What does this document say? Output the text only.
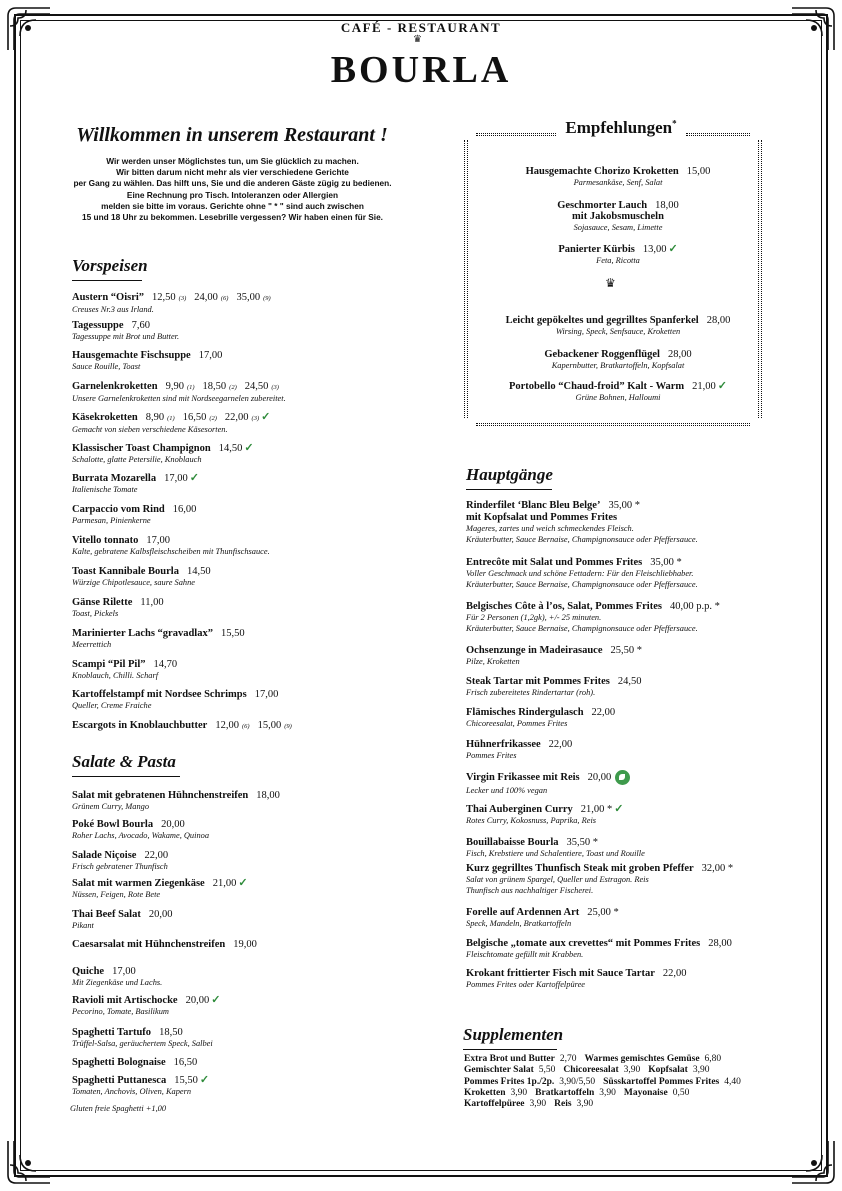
CAFÉ - RESTAURANT
♛
BOURLA
Willkommen in unserem Restaurant !
Wir werden unser Möglichstes tun, um Sie glücklich zu machen.
Wir bitten darum nicht mehr als vier verschiedene Gerichte
per Gang zu wählen. Das hilft uns, Sie und die anderen Gäste zügig zu bedienen.
Eine Rechnung pro Tisch. Intoleranzen oder Allergien
melden sie bitte im voraus. Gerichte ohne " * " sind auch zwischen
15 und 18 Uhr zu bekommen. Lesebrille vergessen? Wir haben einen für Sie.
Vorspeisen
Salate & Pasta
Hauptgänge
Supplementen
Empfehlungen*
♛
Austern “Oisri” 12,50 (3) 24,00 (6) 35,00 (9)
Creuses Nr.3 aus Irland.
Tagessuppe 7,60
Tagessuppe mit Brot und Butter.
Hausgemachte Fischsuppe 17,00
Sauce Rouille, Toast
Garnelenkroketten 9,90 (1) 18,50 (2) 24,50 (3)
Unsere Garnelenkroketten sind mit Nordseegarnelen zubereitet.
Käsekroketten 8,90 (1) 16,50 (2) 22,00 (3) ✓
Gemacht von sieben verschiedene Käsesorten.
Klassischer Toast Champignon 14,50 ✓
Schalotte, glatte Petersilie, Knoblauch
Burrata Mozarella 17,00 ✓
Italienische Tomate
Carpaccio vom Rind 16,00
Parmesan, Pinienkerne
Vitello tonnato 17,00
Kalte, gebratene Kalbsfleischscheiben mit Thunfischsauce.
Toast Kannibale Bourla 14,50
Würzige Chipotlesauce, saure Sahne
Gänse Rilette 11,00
Toast, Pickels
Marinierter Lachs “gravadlax” 15,50
Meerrettich
Scampi “Pil Pil” 14,70
Knoblauch, Chilli. Scharf
Kartoffelstampf mit Nordsee Schrimps 17,00
Queller, Creme Fraiche
Escargots in Knoblauchbutter 12,00 (6) 15,00 (9)
Salat mit gebratenen Hühnchenstreifen 18,00
Grünem Curry, Mango
Poké Bowl Bourla 20,00
Roher Lachs, Avocado, Wakame, Quinoa
Salade Niçoise 22,00
Frisch gebratener Thunfisch
Salat mit warmen Ziegenkäse 21,00 ✓
Nüssen, Feigen, Rote Bete
Thai Beef Salat 20,00
Pikant
Caesarsalat mit Hühnchenstreifen 19,00
Quiche 17,00
Mit Ziegenkäse und Lachs.
Ravioli mit Artischocke 20,00 ✓
Pecorino, Tomate, Basilikum
Spaghetti Tartufo 18,50
Trüffel-Salsa, geräuchertem Speck, Salbei
Spaghetti Bolognaise 16,50
Spaghetti Puttanesca 15,50 ✓
Tomaten, Anchovis, Oliven, Kapern
Hausgemachte Chorizo Kroketten 15,00
Parmesankäse, Senf, Salat
Geschmorter Lauch 18,00
mit Jakobsmuscheln
Sojasauce, Sesam, Limette
Panierter Kürbis 13,00 ✓
Feta, Ricotta
Leicht gepökeltes und gegrilltes Spanferkel 28,00
Wirsing, Speck, Senfsauce, Kroketten
Gebackener Roggenflügel 28,00
Kapernbutter, Bratkartoffeln, Kopfsalat
Portobello “Chaud-froid” Kalt - Warm 21,00 ✓
Grüne Bohnen, Halloumi
Rinderfilet ‘Blanc Bleu Belge’ 35,00 *
mit Kopfsalat und Pommes Frites
Mageres, zartes und weich schmeckendes Fleisch.
Kräuterbutter, Sauce Bernaise, Champignonsauce oder Pfeffersauce.
Entrecôte mit Salat und Pommes Frites 35,00 *
Voller Geschmack und schöne Fettadern: Für den Fleischliebhaber.
Kräuterbutter, Sauce Bernaise, Champignonsauce oder Pfeffersauce.
Belgisches Côte à l’os, Salat, Pommes Frites 40,00 p.p. *
Für 2 Personen (1,2gk), +/- 25 minuten.
Kräuterbutter, Sauce Bernaise, Champignonsauce oder Pfeffersauce.
Ochsenzunge in Madeirasauce 25,50 *
Pilze, Kroketten
Steak Tartar mit Pommes Frites 24,50
Frisch zubereitetes Rindertartar (roh).
Flämisches Rindergulasch 22,00
Chicoreesalat, Pommes Frites
Hühnerfrikassee 22,00
Pommes Frites
Virgin Frikassee mit Reis 20,00
Lecker und 100% vegan
Thai Auberginen Curry 21,00 * ✓
Rotes Curry, Kokosnuss, Paprika, Reis
Bouillabaisse Bourla 35,50 *
Fisch, Krebstiere und Schalentiere, Toast und Rouille
Kurz gegrilltes Thunfisch Steak mit groben Pfeffer 32,00 *
Salat von grünem Spargel, Queller und Estragon. Reis
Thunfisch aus nachhaltiger Fischerei.
Forelle auf Ardennen Art 25,00 *
Speck, Mandeln, Bratkartoffeln
Belgische „tomate aux crevettes“ mit Pommes Frites 28,00
Fleischtomate gefüllt mit Krabben.
Krokant frittierter Fisch mit Sauce Tartar 22,00
Pommes Frites oder Kartoffelpüree
Extra Brot und Butter 2,70 Warmes gemischtes Gemüse 6,80
Gemischter Salat 5,50 Chicoreesalat 3,90 Kopfsalat 3,90
Pommes Frites 1p./2p. 3,90/5,50 Süsskartoffel Pommes Frites 4,40
Kroketten 3,90 Bratkartoffeln 3,90 Mayonaise 0,50
Kartoffelpüree 3,90 Reis 3,90
Gluten freie Spaghetti +1,00
